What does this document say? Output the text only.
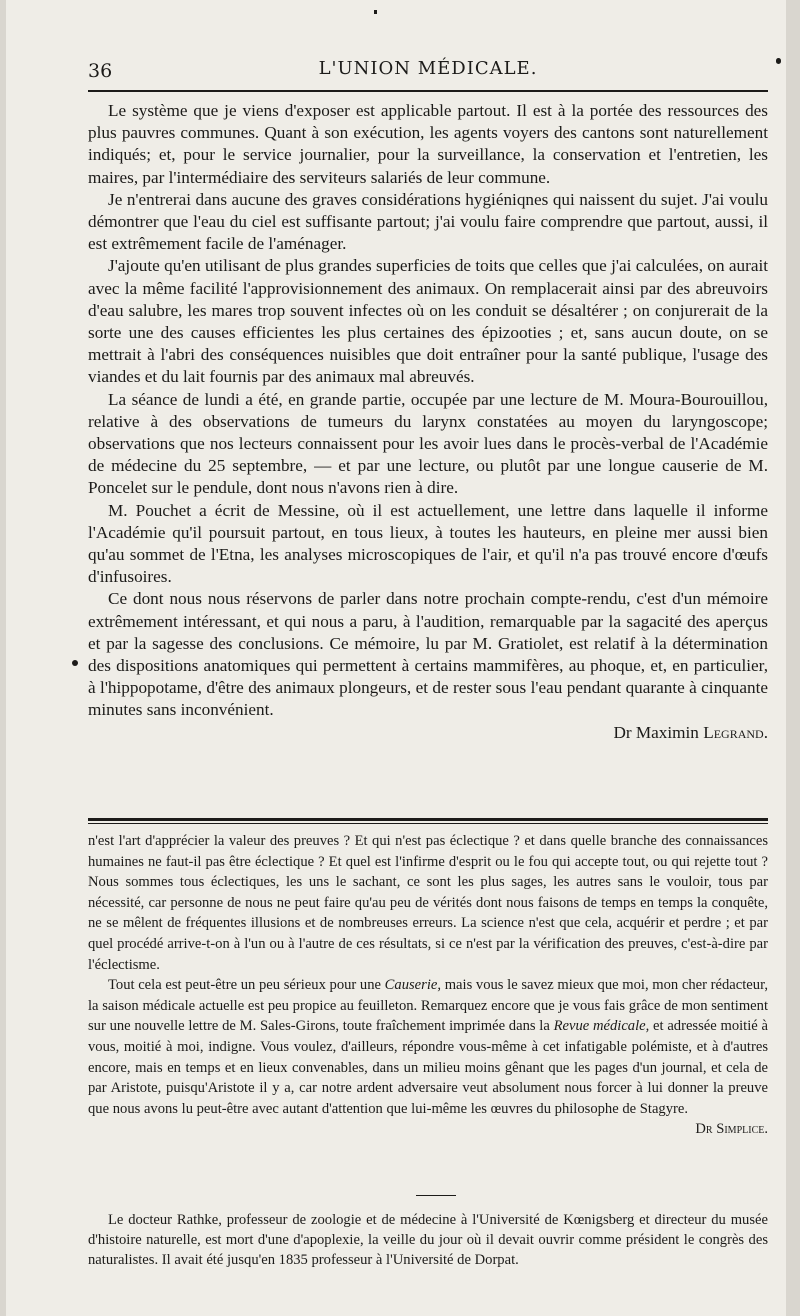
36	L'UNION MÉDICALE.

Le système que je viens d'exposer est applicable partout. Il est à la portée des ressources des plus pauvres communes. Quant à son exécution, les agents voyers des cantons sont naturellement indiqués; et, pour le service journalier, pour la surveillance, la conservation et l'entretien, les maires, par l'intermédiaire des serviteurs salariés de leur commune.

Je n'entrerai dans aucune des graves considérations hygiéniqnes qui naissent du sujet. J'ai voulu démontrer que l'eau du ciel est suffisante partout; j'ai voulu faire comprendre que partout, aussi, il est extrêmement facile de l'aménager.

J'ajoute qu'en utilisant de plus grandes superficies de toits que celles que j'ai calculées, on aurait avec la même facilité l'approvisionnement des animaux. On remplacerait ainsi par des abreuvoirs d'eau salubre, les mares trop souvent infectes où on les conduit se désaltérer ; on conjurerait de la sorte une des causes efficientes les plus certaines des épizooties ; et, sans aucun doute, on se mettrait à l'abri des conséquences nuisibles que doit entraîner pour la santé publique, l'usage des viandes et du lait fournis par des animaux mal abreuvés.

La séance de lundi a été, en grande partie, occupée par une lecture de M. Moura-Bourouillou, relative à des observations de tumeurs du larynx constatées au moyen du laryngoscope; observations que nos lecteurs connaissent pour les avoir lues dans le procès-verbal de l'Académie de médecine du 25 septembre, — et par une lecture, ou plutôt par une longue causerie de M. Poncelet sur le pendule, dont nous n'avons rien à dire.

M. Pouchet a écrit de Messine, où il est actuellement, une lettre dans laquelle il informe l'Académie qu'il poursuit partout, en tous lieux, à toutes les hauteurs, en pleine mer aussi bien qu'au sommet de l'Etna, les analyses microscopiques de l'air, et qu'il n'a pas trouvé encore d'œufs d'infusoires.

Ce dont nous nous réservons de parler dans notre prochain compte-rendu, c'est d'un mémoire extrêmement intéressant, et qui nous a paru, à l'audition, remarquable par la sagacité des aperçus et par la sagesse des conclusions. Ce mémoire, lu par M. Gratiolet, est relatif à la détermination des dispositions anatomiques qui permettent à certains mammifères, au phoque, et, en particulier, à l'hippopotame, d'être des animaux plongeurs, et de rester sous l'eau pendant quarante à cinquante minutes sans inconvénient.

Dr Maximin Legrand.

n'est l'art d'apprécier la valeur des preuves ? Et qui n'est pas éclectique ? et dans quelle branche des connaissances humaines ne faut-il pas être éclectique ? Et quel est l'infirme d'esprit ou le fou qui accepte tout, ou qui rejette tout ? Nous sommes tous éclectiques, les uns le sachant, ce sont les plus sages, les autres sans le vouloir, tous par nécessité, car personne de nous ne peut faire qu'au peu de vérités dont nous faisons de temps en temps la conquête, ne se mêlent de fréquentes illusions et de nombreuses erreurs. La science n'est que cela, acquérir et perdre ; et par quel procédé arrive-t-on à l'un ou à l'autre de ces résultats, si ce n'est par la vérification des preuves, c'est-à-dire par l'éclectisme.

Tout cela est peut-être un peu sérieux pour une Causerie, mais vous le savez mieux que moi, mon cher rédacteur, la saison médicale actuelle est peu propice au feuilleton. Remarquez encore que je vous fais grâce de mon sentiment sur une nouvelle lettre de M. Sales-Girons, toute fraîchement imprimée dans la Revue médicale, et adressée moitié à vous, moitié à moi, indigne. Vous voulez, d'ailleurs, répondre vous-même à cet infatigable polémiste, et à d'autres encore, mais en temps et en lieux convenables, dans un milieu moins gênant que les pages d'un journal, et cela de par Aristote, puisqu'Aristote il y a, car notre ardent adversaire veut absolument nous forcer à lui donner la preuve que nous avons lu peut-être avec autant d'attention que lui-même les œuvres du philosophe de Stagyre.

Dr Simplice.

Le docteur Rathke, professeur de zoologie et de médecine à l'Université de Kœnigsberg et directeur du musée d'histoire naturelle, est mort d'une d'apoplexie, la veille du jour où il devait ouvrir comme président le congrès des naturalistes. Il avait été jusqu'en 1835 professeur à l'Université de Dorpat.
